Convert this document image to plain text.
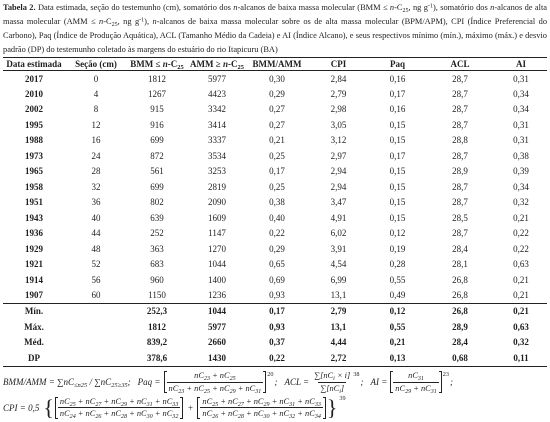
Tabela 2. Data estimada, seção do testemunho (cm), somatório dos n-alcanos de baixa massa molecular ($BMM \le n-C_{25}$, ng $g^{-1}$), somatório dos n-alcanos de alta massa molecular ($AMM \le n-C_{25}$, ng $g^{-1}$), n-alcanos de baixa massa molecular sobre os de alta massa molecular (BPM/APM), CPI (Índice Preferencial do Carbono), Paq (Índice de Produção Aquática), ACL (Tamanho Médio da Cadeia) e AI (Índice Alcano), e seus respectivos mínimo (mín.), máximo (máx.) e desvio padrão (DP) do testemunho coletado às margens do estuário do rio Itapicuru (BA)

Data estimada	Seção (cm)	BMM ≤ $n-C_{25}$	AMM ≥ $n-C_{25}$	BMM/AMM	CPI	Paq	ACL	AI
2017	0	1812	5977	0,30	2,84	0,16	28,7	0,31
2010	4	1267	4423	0,29	2,79	0,17	28,7	0,34
2002	8	915	3342	0,27	2,98	0,16	28,7	0,34
1995	12	916	3414	0,27	3,05	0,15	28,7	0,31
1988	16	699	3337	0,21	3,12	0,15	28,8	0,31
1973	24	872	3534	0,25	2,97	0,17	28,7	0,38
1965	28	561	3253	0,17	2,94	0,15	28,9	0,39
1958	32	699	2819	0,25	2,94	0,15	28,7	0,34
1951	36	802	2090	0,38	3,47	0,15	28,7	0,32
1943	40	639	1609	0,40	4,91	0,15	28,5	0,21
1936	44	252	1147	0,22	6,02	0,12	28,7	0,22
1929	48	363	1270	0,29	3,91	0,19	28,4	0,22
1921	52	683	1044	0,65	4,54	0,28	28,1	0,63
1914	56	960	1400	0,69	6,99	0,55	26,8	0,21
1907	60	1150	1236	0,93	13,1	0,49	26,8	0,21
Mín.		252,3	1044	0,17	2,79	0,12	26,8	0,21
Máx.		1812	5977	0,93	13,1	0,55	28,9	0,63
Méd.		839,2	2660	0,37	4,44	0,21	28,4	0,32
DP		378,6	1430	0,22	2,72	0,13	0,68	0,11
$BMM/AMM = \sum nC_{\le n25} / \sum nC_{25\ge 35}$; Paq = $\frac{nC_{23} + nC_{25}}{nC_{23} + nC_{25} + nC_{29} + nC_{31}} 20$
; ACL = $\frac{\sum[nC_i \times i]}{\sum[nC_i]} 38$
; AI = $\frac{nC_{31}}{nC_{29} + nC_{31}} 23$
;
CPI = 0,5 { $\frac{nC_{25} + nC_{27} + nC_{29} + nC_{31} + nC_{33}}{nC_{24} + nC_{26} + nC_{28} + nC_{30} + nC_{32}} + \frac{nC_{25} + nC_{27} + nC_{29} + nC_{31} + nC_{33}}{nC_{26} + nC_{28} + nC_{30} + nC_{32} + nC_{34}}$ } 39
